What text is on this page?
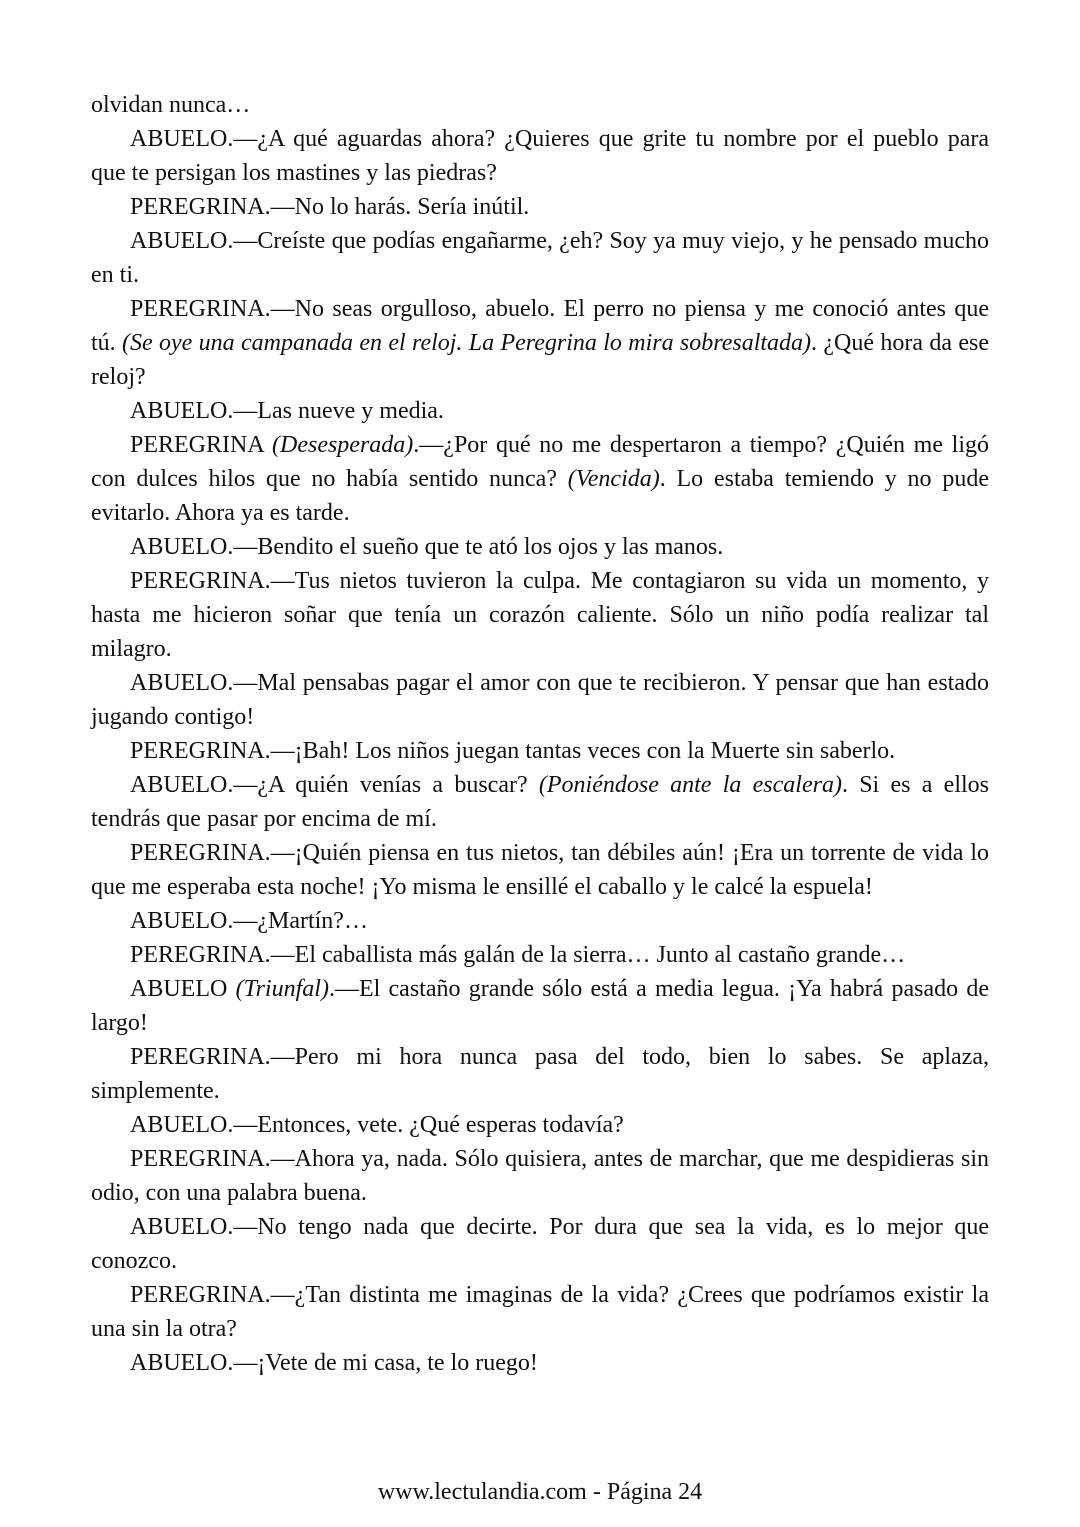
olvidan nunca…

ABUELO.—¿A qué aguardas ahora? ¿Quieres que grite tu nombre por el pueblo para que te persigan los mastines y las piedras?

PEREGRINA.—No lo harás. Sería inútil.

ABUELO.—Creíste que podías engañarme, ¿eh? Soy ya muy viejo, y he pensado mucho en ti.

PEREGRINA.—No seas orgulloso, abuelo. El perro no piensa y me conoció antes que tú. (Se oye una campanada en el reloj. La Peregrina lo mira sobresaltada). ¿Qué hora da ese reloj?

ABUELO.—Las nueve y media.

PEREGRINA (Desesperada).—¿Por qué no me despertaron a tiempo? ¿Quién me ligó con dulces hilos que no había sentido nunca? (Vencida). Lo estaba temiendo y no pude evitarlo. Ahora ya es tarde.

ABUELO.—Bendito el sueño que te ató los ojos y las manos.

PEREGRINA.—Tus nietos tuvieron la culpa. Me contagiaron su vida un momento, y hasta me hicieron soñar que tenía un corazón caliente. Sólo un niño podía realizar tal milagro.

ABUELO.—Mal pensabas pagar el amor con que te recibieron. Y pensar que han estado jugando contigo!

PEREGRINA.—¡Bah! Los niños juegan tantas veces con la Muerte sin saberlo.

ABUELO.—¿A quién venías a buscar? (Poniéndose ante la escalera). Si es a ellos tendrás que pasar por encima de mí.

PEREGRINA.—¡Quién piensa en tus nietos, tan débiles aún! ¡Era un torrente de vida lo que me esperaba esta noche! ¡Yo misma le ensillé el caballo y le calcé la espuela!

ABUELO.—¿Martín?…

PEREGRINA.—El caballista más galán de la sierra… Junto al castaño grande…

ABUELO (Triunfal).—El castaño grande sólo está a media legua. ¡Ya habrá pasado de largo!

PEREGRINA.—Pero mi hora nunca pasa del todo, bien lo sabes. Se aplaza, simplemente.

ABUELO.—Entonces, vete. ¿Qué esperas todavía?

PEREGRINA.—Ahora ya, nada. Sólo quisiera, antes de marchar, que me despidieras sin odio, con una palabra buena.

ABUELO.—No tengo nada que decirte. Por dura que sea la vida, es lo mejor que conozco.

PEREGRINA.—¿Tan distinta me imaginas de la vida? ¿Crees que podríamos existir la una sin la otra?

ABUELO.—¡Vete de mi casa, te lo ruego!

www.lectulandia.com - Página 24
